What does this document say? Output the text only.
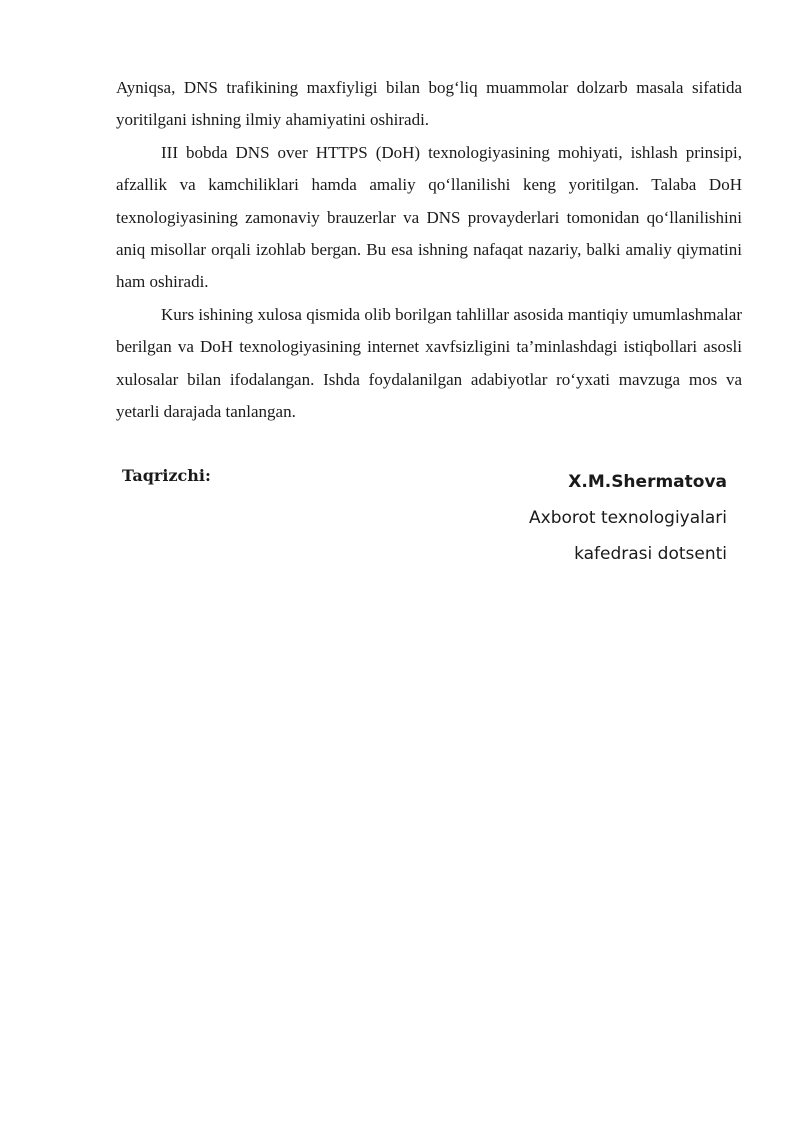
Ayniqsa, DNS trafikining maxfiyligi bilan bog‘liq muammolar dolzarb masala sifatida yoritilgani ishning ilmiy ahamiyatini oshiradi.

III bobda DNS over HTTPS (DoH) texnologiyasining mohiyati, ishlash prinsipi, afzallik va kamchiliklari hamda amaliy qo‘llanilishi keng yoritilgan. Talaba DoH texnologiyasining zamonaviy brauzerlar va DNS provayderlari tomonidan qo‘llanilishini aniq misollar orqali izohlab bergan. Bu esa ishning nafaqat nazariy, balki amaliy qiymatini ham oshiradi.

Kurs ishining xulosa qismida olib borilgan tahlillar asosida mantiqiy umumlashmalar berilgan va DoH texnologiyasining internet xavfsizligini ta’minlashdagi istiqbollari asosli xulosalar bilan ifodalangan. Ishda foydalanilgan adabiyotlar ro‘yxati mavzuga mos va yetarli darajada tanlangan.

Taqrizchi:	X.M.Shermatova
Axborot texnologiyalari
kafedrasi dotsenti
